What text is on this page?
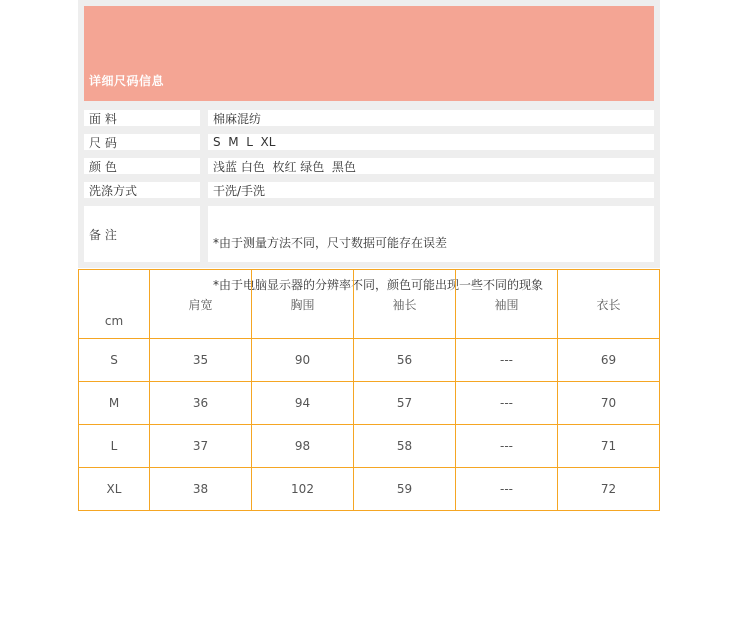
详细尺码信息
面 料	棉麻混纺
尺 码	S  M  L  XL
颜 色	浅蓝 白色  枚红 绿色  黑色
洗涤方式	干洗/手洗
备 注

*由于测量方法不同，尺寸数据可能存在误差

*由于电脑显示器的分辨率不同，颜色可能出现一些不同的现象

cm	肩宽	胸围	袖长	袖围	衣长
S	35	90	56	---	69
M	36	94	57	---	70
L	37	98	58	---	71
XL	38	102	59	---	72
